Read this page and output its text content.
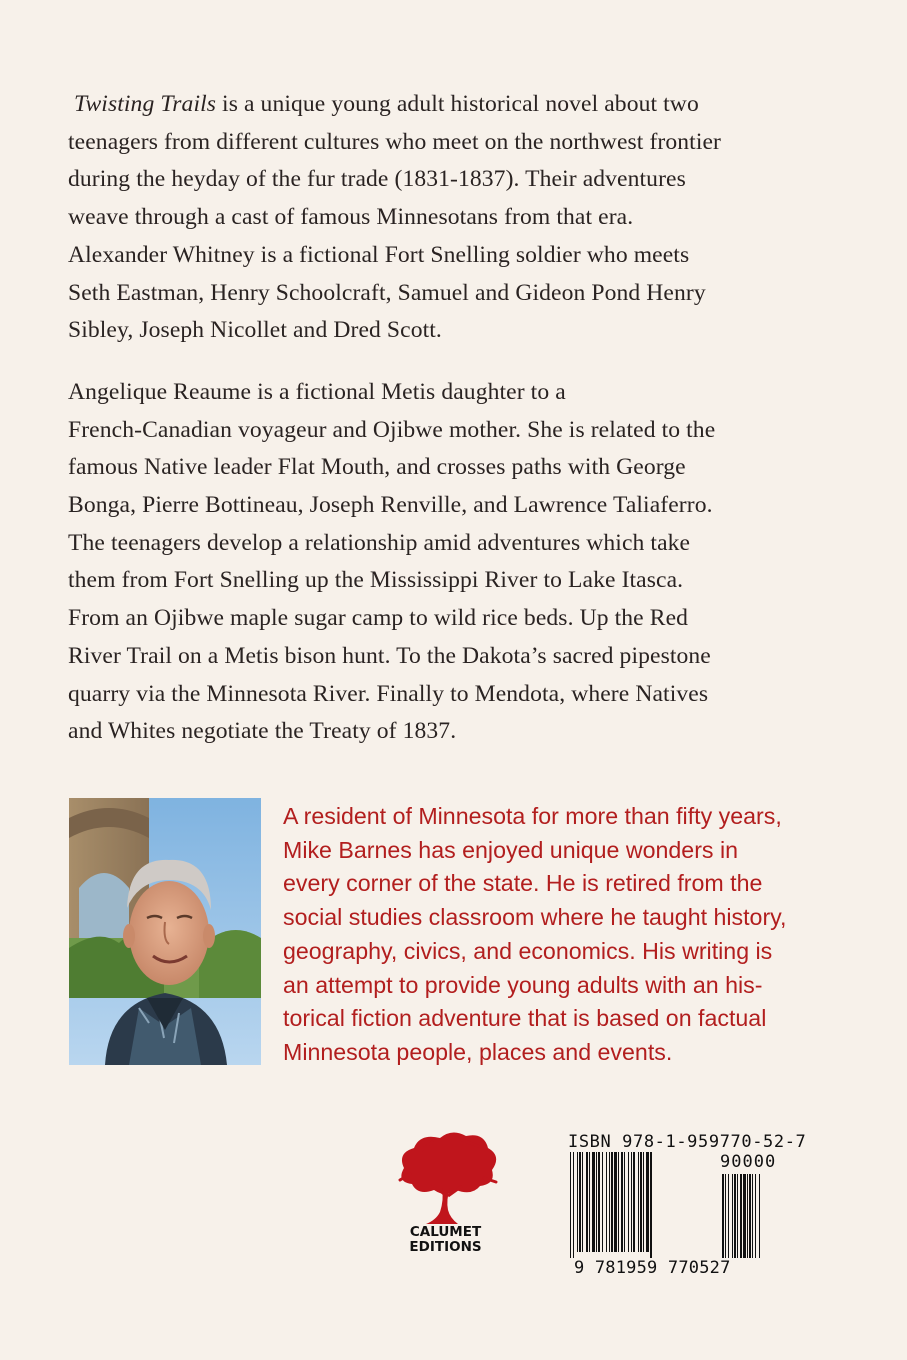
Twisting Trails is a unique young adult historical novel about two
teenagers from different cultures who meet on the northwest frontier
during the heyday of the fur trade (1831-1837). Their adventures
weave through a cast of famous Minnesotans from that era.
Alexander Whitney is a fictional Fort Snelling soldier who meets
Seth Eastman, Henry Schoolcraft, Samuel and Gideon Pond Henry
Sibley, Joseph Nicollet and Dred Scott.

Angelique Reaume is a fictional Metis daughter to a
French-Canadian voyageur and Ojibwe mother. She is related to the
famous Native leader Flat Mouth, and crosses paths with George
Bonga, Pierre Bottineau, Joseph Renville, and Lawrence Taliaferro.
The teenagers develop a relationship amid adventures which take
them from Fort Snelling up the Mississippi River to Lake Itasca.
From an Ojibwe maple sugar camp to wild rice beds. Up the Red
River Trail on a Metis bison hunt. To the Dakota’s sacred pipestone
quarry via the Minnesota River. Finally to Mendota, where Natives
and Whites negotiate the Treaty of 1837.

A resident of Minnesota for more than fifty years,
Mike Barnes has enjoyed unique wonders in
every corner of the state. He is retired from the
social studies classroom where he taught history,
geography, civics, and economics. His writing is
an attempt to provide young adults with an his-
torical fiction adventure that is based on factual
Minnesota people, places and events.
CALUMET
EDITIONS
ISBN 978-1-959770-52-7
90000
9 781959 770527
